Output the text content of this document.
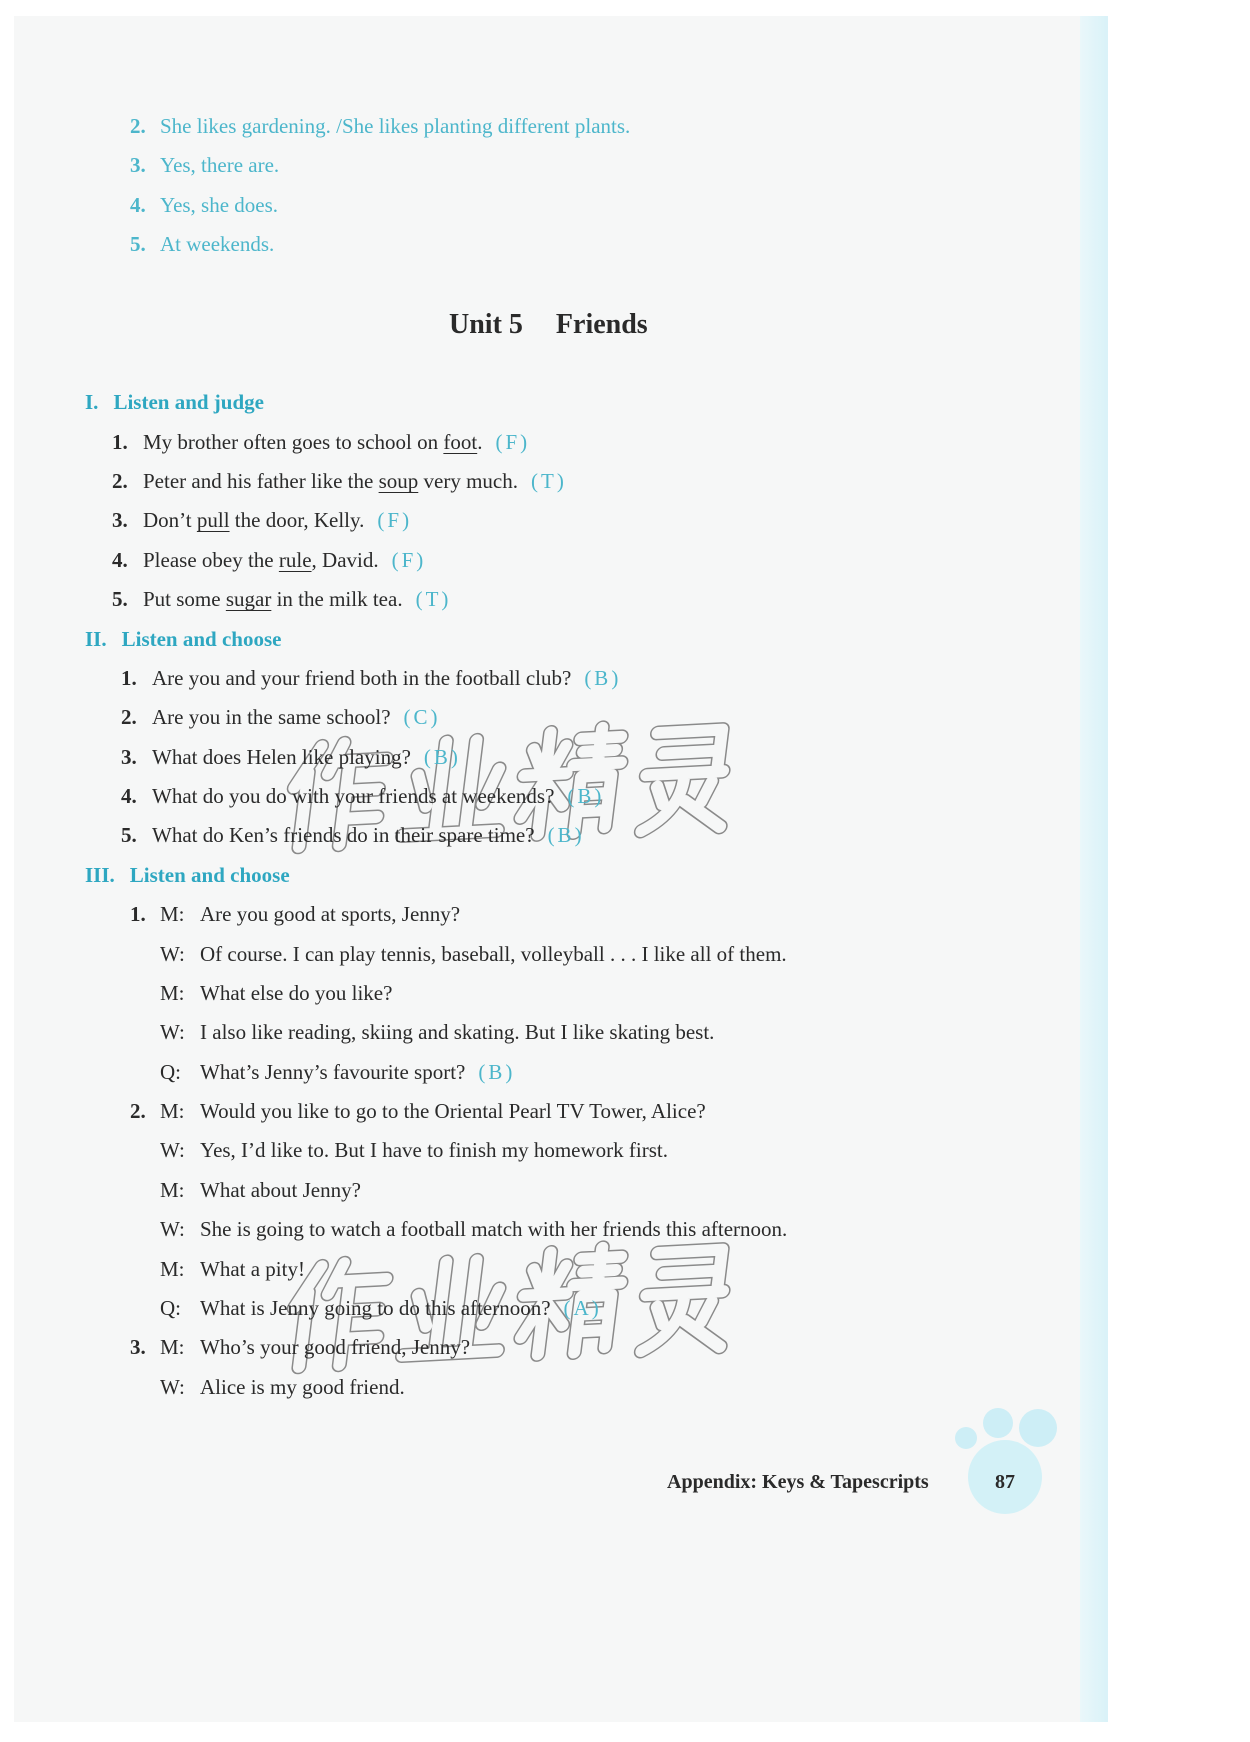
2. She likes gardening. /She likes planting different plants.
3. Yes, there are.
4. Yes, she does.
5. At weekends.
Unit 5 Friends
I. Listen and judge
1. My brother often goes to school on foot. (F)
2. Peter and his father like the soup very much. (T)
3. Don’t pull the door, Kelly. (F)
4. Please obey the rule, David. (F)
5. Put some sugar in the milk tea. (T)
II. Listen and choose
1. Are you and your friend both in the football club? (B)
2. Are you in the same school? (C)
3. What does Helen like playing? (B)
4. What do you do with your friends at weekends? (B)
5. What do Ken’s friends do in their spare time? (B)
III. Listen and choose
1. M: Are you good at sports, Jenny?
W: Of course. I can play tennis, baseball, volleyball . . . I like all of them.
M: What else do you like?
W: I also like reading, skiing and skating. But I like skating best.
Q: What’s Jenny’s favourite sport? (B)
2. M: Would you like to go to the Oriental Pearl TV Tower, Alice?
W: Yes, I’d like to. But I have to finish my homework first.
M: What about Jenny?
W: She is going to watch a football match with her friends this afternoon.
M: What a pity!
Q: What is Jenny going to do this afternoon? (A)
3. M: Who’s your good friend, Jenny?
W: Alice is my good friend.
Appendix: Keys & Tapescripts	87
